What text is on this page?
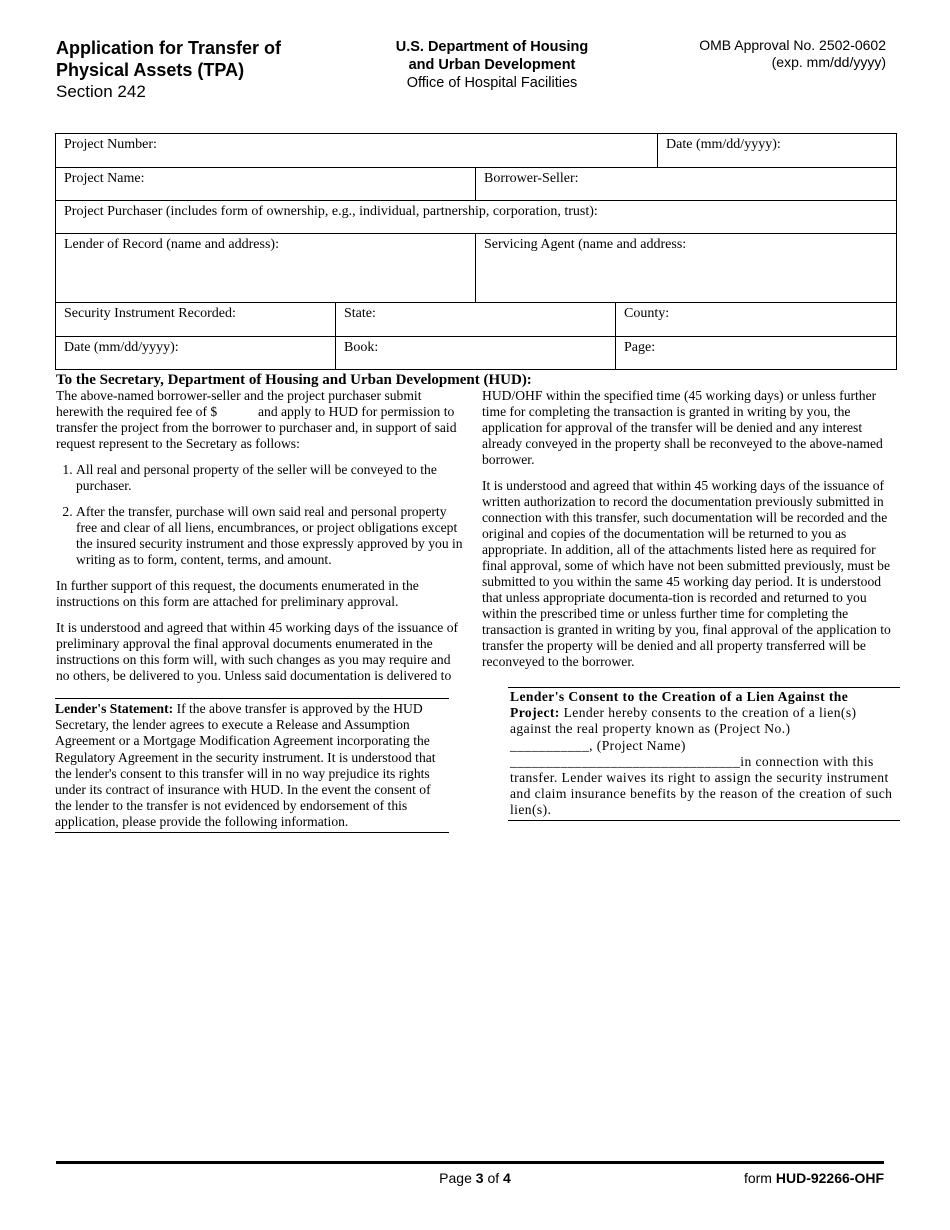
Application for Transfer of
Physical Assets (TPA)
Section 242
U.S. Department of Housing
and Urban Development
Office of Hospital Facilities
OMB Approval No. 2502-0602
(exp. mm/dd/yyyy)
Project Number:				Date (mm/dd/yyyy):
Project Name:		Borrower-Seller:		
Project Purchaser (includes form of ownership, e.g., individual, partnership, corporation, trust):				
Lender of Record (name and address):		Servicing Agent (name and address:		
Security Instrument Recorded:	State:		County:	
Date (mm/dd/yyyy):	Book:		Page:	
To the Secretary, Department of Housing and Urban Development (HUD):

The above-named borrower-seller and the project purchaser submit herewith the required fee of $	and apply to HUD for permission to transfer the project from the borrower to purchaser and, in support of said request represent to the Secretary as follows:

1. All real and personal property of the seller will be conveyed to the purchaser.
2. After the transfer, purchase will own said real and personal property free and clear of all liens, encumbrances, or project obligations except the insured security instrument and those expressly approved by you in writing as to form, content, terms, and amount.

In further support of this request, the documents enumerated in the instructions on this form are attached for preliminary approval.

It is understood and agreed that within 45 working days of the issuance of preliminary approval the final approval documents enumerated in the instructions on this form will, with such changes as you may require and no others, be delivered to you. Unless said documentation is delivered to

HUD/OHF within the specified time (45 working days) or unless further time for completing the transaction is granted in writing by you, the application for approval of the transfer will be denied and any interest already conveyed in the property shall be reconveyed to the above-named borrower.

It is understood and agreed that within 45 working days of the issuance of written authorization to record the documentation previously submitted in connection with this transfer, such documentation will be recorded and the original and copies of the documentation will be returned to you as appropriate. In addition, all of the attachments listed here as required for final approval, some of which have not been submitted previously, must be submitted to you within the same 45 working day period. It is understood that unless appropriate documenta-tion is recorded and returned to you within the prescribed time or unless further time for completing the transaction is granted in writing by you, final approval of the application to transfer the property will be denied and all property transferred will be reconveyed to the borrower.

Lender's Statement: If the above transfer is approved by the HUD Secretary, the lender agrees to execute a Release and Assumption Agreement or a Mortgage Modification Agreement incorporating the Regulatory Agreement in the security instrument. It is understood that the lender's consent to this transfer will in no way prejudice its rights under its contract of insurance with HUD. In the event the consent of the lender to the transfer is not evidenced by endorsement of this application, please provide the following information.
Lender's Consent to the Creation of a Lien Against the Project: Lender hereby consents to the creation of a lien(s) against the real property known as (Project No.)
___________, (Project Name)
________________________________in connection with this transfer. Lender waives its right to assign the security instrument and claim insurance benefits by the reason of the creation of such lien(s).
Page 3 of 4	form HUD-92266-OHF
